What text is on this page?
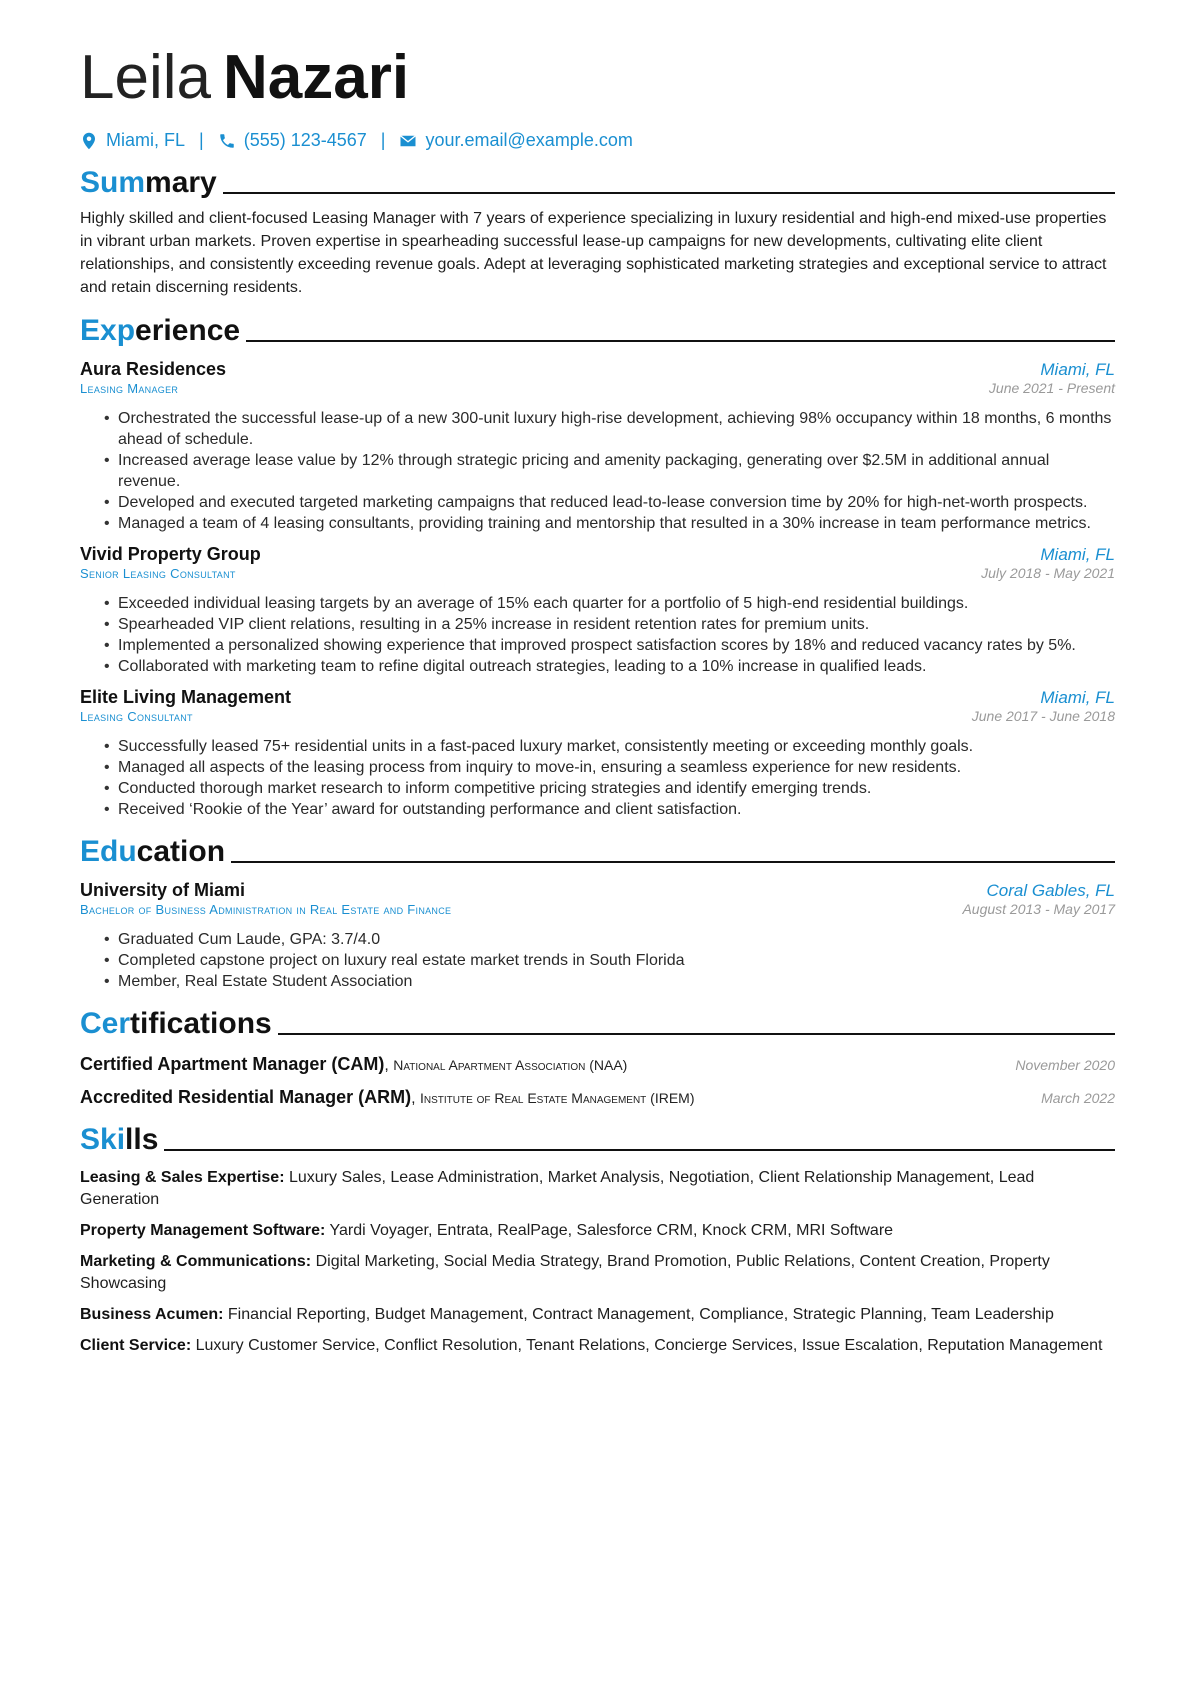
Leila Nazari
Miami, FL | (555) 123-4567 | your.email@example.com
Summary
Highly skilled and client-focused Leasing Manager with 7 years of experience specializing in luxury residential and high-end mixed-use properties in vibrant urban markets. Proven expertise in spearheading successful lease-up campaigns for new developments, cultivating elite client relationships, and consistently exceeding revenue goals. Adept at leveraging sophisticated marketing strategies and exceptional service to attract and retain discerning residents.
Experience
Aura Residences	Miami, FL
Leasing Manager	June 2021 - Present
• Orchestrated the successful lease-up of a new 300-unit luxury high-rise development, achieving 98% occupancy within 18 months, 6 months ahead of schedule.
• Increased average lease value by 12% through strategic pricing and amenity packaging, generating over $2.5M in additional annual revenue.
• Developed and executed targeted marketing campaigns that reduced lead-to-lease conversion time by 20% for high-net-worth prospects.
• Managed a team of 4 leasing consultants, providing training and mentorship that resulted in a 30% increase in team performance metrics.
Vivid Property Group	Miami, FL
Senior Leasing Consultant	July 2018 - May 2021
• Exceeded individual leasing targets by an average of 15% each quarter for a portfolio of 5 high-end residential buildings.
• Spearheaded VIP client relations, resulting in a 25% increase in resident retention rates for premium units.
• Implemented a personalized showing experience that improved prospect satisfaction scores by 18% and reduced vacancy rates by 5%.
• Collaborated with marketing team to refine digital outreach strategies, leading to a 10% increase in qualified leads.
Elite Living Management	Miami, FL
Leasing Consultant	June 2017 - June 2018
• Successfully leased 75+ residential units in a fast-paced luxury market, consistently meeting or exceeding monthly goals.
• Managed all aspects of the leasing process from inquiry to move-in, ensuring a seamless experience for new residents.
• Conducted thorough market research to inform competitive pricing strategies and identify emerging trends.
• Received ‘Rookie of the Year’ award for outstanding performance and client satisfaction.
Education
University of Miami	Coral Gables, FL
Bachelor of Business Administration in Real Estate and Finance	August 2013 - May 2017
• Graduated Cum Laude, GPA: 3.7/4.0
• Completed capstone project on luxury real estate market trends in South Florida
• Member, Real Estate Student Association
Certifications
Certified Apartment Manager (CAM), National Apartment Association (NAA)	November 2020
Accredited Residential Manager (ARM), Institute of Real Estate Management (IREM)	March 2022
Skills
Leasing & Sales Expertise: Luxury Sales, Lease Administration, Market Analysis, Negotiation, Client Relationship Management, Lead Generation
Property Management Software: Yardi Voyager, Entrata, RealPage, Salesforce CRM, Knock CRM, MRI Software
Marketing & Communications: Digital Marketing, Social Media Strategy, Brand Promotion, Public Relations, Content Creation, Property Showcasing
Business Acumen: Financial Reporting, Budget Management, Contract Management, Compliance, Strategic Planning, Team Leadership
Client Service: Luxury Customer Service, Conflict Resolution, Tenant Relations, Concierge Services, Issue Escalation, Reputation Management
